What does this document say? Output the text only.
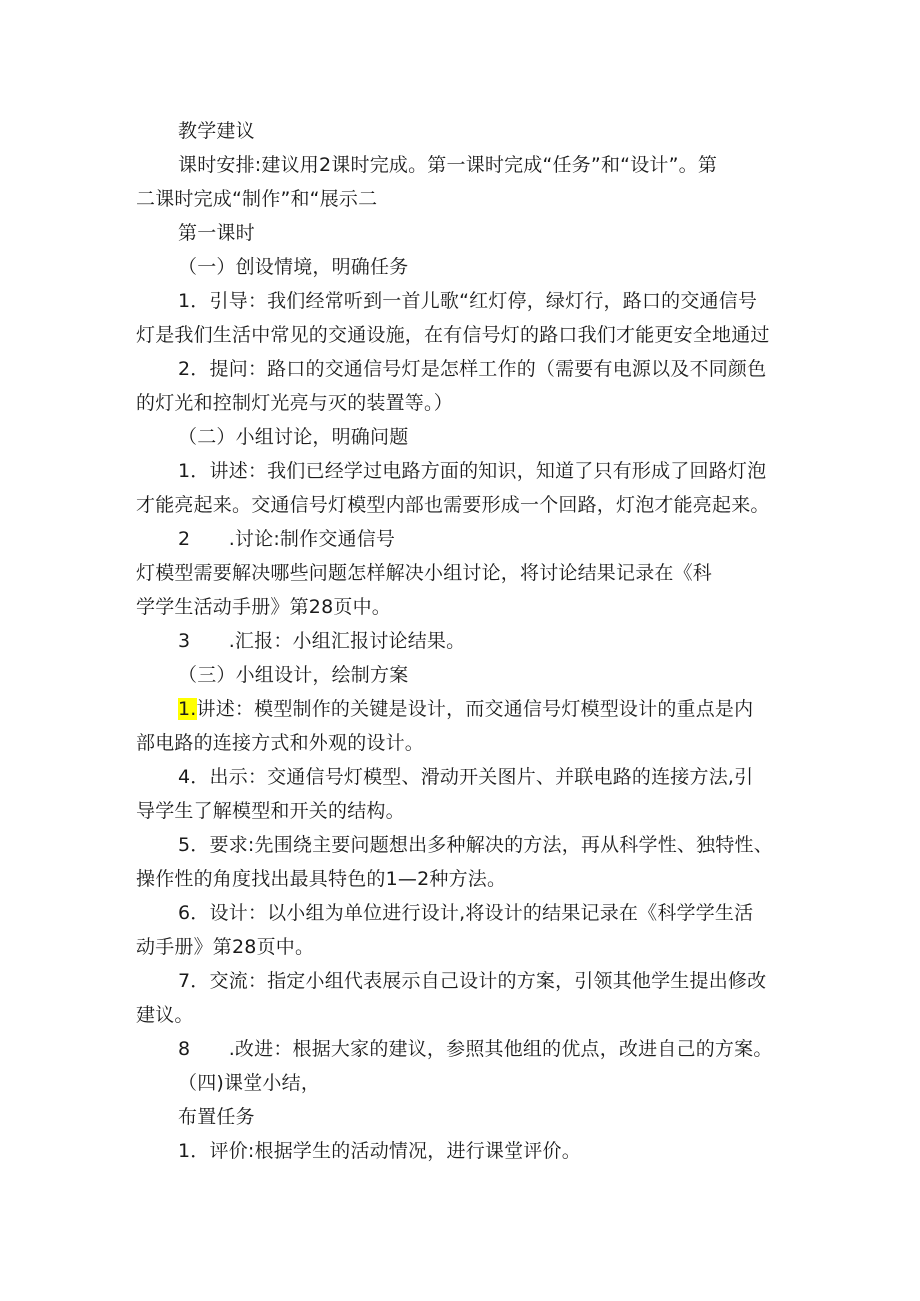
教学建议
课时安排:建议用2课时完成。第一课时完成“任务”和“设计”。第
二课时完成“制作”和“展示二
第一课时
（一）创设情境，明确任务
1．引导：我们经常听到一首儿歌“红灯停，绿灯行，路口的交通信号
灯是我们生活中常见的交通设施，在有信号灯的路口我们才能更安全地通过
2．提问：路口的交通信号灯是怎样工作的（需要有电源以及不同颜色
的灯光和控制灯光亮与灭的装置等。）
（二）小组讨论，明确问题
1．讲述：我们已经学过电路方面的知识，知道了只有形成了回路灯泡
才能亮起来。交通信号灯模型内部也需要形成一个回路，灯泡才能亮起来。
2　　.讨论:制作交通信号
灯模型需要解决哪些问题怎样解决小组讨论，将讨论结果记录在《科
学学生活动手册》第28页中。
3　　.汇报：小组汇报讨论结果。
（三）小组设计，绘制方案
1.讲述：模型制作的关键是设计，而交通信号灯模型设计的重点是内
部电路的连接方式和外观的设计。
4．出示：交通信号灯模型、滑动开关图片、并联电路的连接方法,引
导学生了解模型和开关的结构。
5．要求:先围绕主要问题想出多种解决的方法，再从科学性、独特性、
操作性的角度找出最具特色的1—2种方法。
6．设计：以小组为单位进行设计,将设计的结果记录在《科学学生活
动手册》第28页中。
7．交流：指定小组代表展示自己设计的方案，引领其他学生提出修改
建议。
8　　.改进：根据大家的建议，参照其他组的优点，改进自己的方案。
（四)课堂小结，
布置任务
1．评价:根据学生的活动情况，进行课堂评价。
